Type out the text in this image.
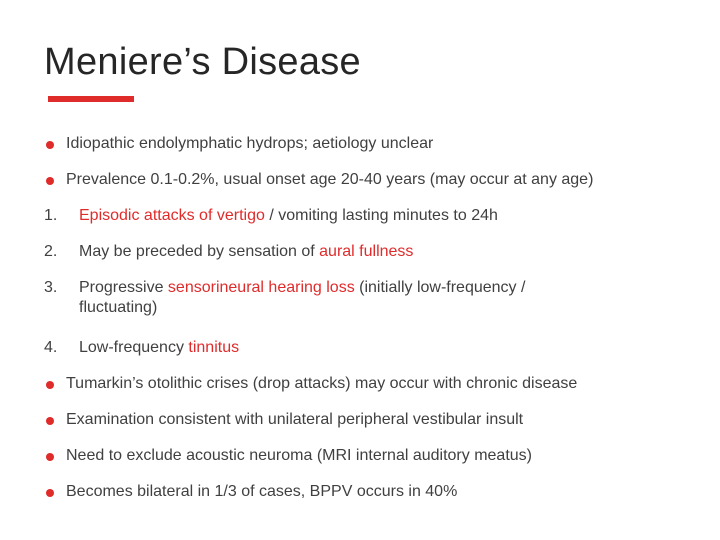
Meniere’s Disease
Idiopathic endolymphatic hydrops; aetiology unclear
Prevalence 0.1-0.2%, usual onset age 20-40 years (may occur at any age)
1. Episodic attacks of vertigo / vomiting lasting minutes to 24h
2. May be preceded by sensation of aural fullness
3. Progressive sensorineural hearing loss (initially low-frequency / fluctuating)
4. Low-frequency tinnitus
Tumarkin’s otolithic crises (drop attacks) may occur with chronic disease
Examination consistent with unilateral peripheral vestibular insult
Need to exclude acoustic neuroma (MRI internal auditory meatus)
Becomes bilateral in 1/3 of cases, BPPV occurs in 40%
